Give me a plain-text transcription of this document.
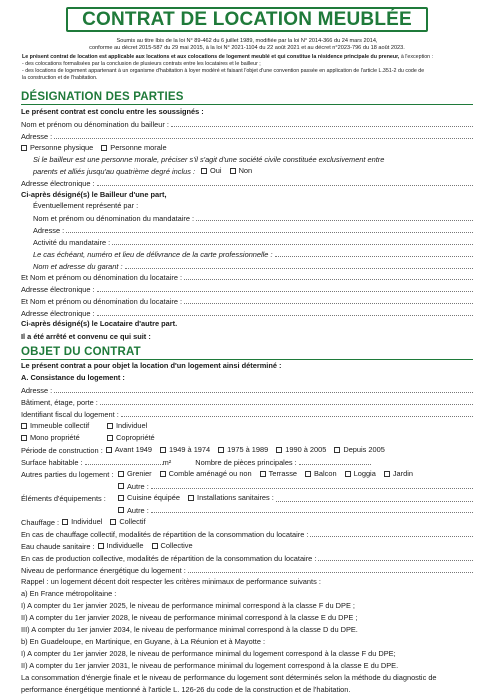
CONTRAT DE LOCATION MEUBLÉE
Soumis au titre Ibis de la loi N° 89-462 du 6 juillet 1989, modifiée par la loi N° 2014-366 du 24 mars 2014,
conforme au décret 2015-587 du 29 mai 2015, à la loi N° 2021-1104 du 22 août 2021 et au décret n°2023-796 du 18 août 2023.
Le présent contrat de location est applicable aux locations et aux colocations de logement meublé et qui constitue la résidence principale du preneur, à l'exception :
- des colocations formalisées par la conclusion de plusieurs contrats entre les locataires et le bailleur ;
- des locations de logement appartenant à un organisme d'habitation à loyer modéré et faisant l'objet d'une convention passée en application de l'article L.351-2 du code de
la construction et de l'habitation.
DÉSIGNATION DES PARTIES
Le présent contrat est conclu entre les soussignés :
Nom et prénom ou dénomination du bailleur :
Adresse :
Personne physique Personne morale
Si le bailleur est une personne morale, préciser s'il s'agit d'une société civile constituée exclusivement entre
parents et alliés jusqu'au quatrième degré inclus : Oui Non
Adresse électronique :
Ci-après désigné(s) le Bailleur d'une part,
Éventuellement représenté par :
Nom et prénom ou dénomination du mandataire :
Adresse :
Activité du mandataire :
Le cas échéant, numéro et lieu de délivrance de la carte professionnelle :
Nom et adresse du garant :
Et Nom et prénom ou dénomination du locataire :
Adresse électronique :
Et Nom et prénom ou dénomination du locataire :
Adresse électronique :
Ci-après désigné(s) le Locataire d'autre part.
Il a été arrêté et convenu ce qui suit :
OBJET DU CONTRAT
Le présent contrat a pour objet la location d'un logement ainsi déterminé :
A. Consistance du logement :
Adresse :
Bâtiment, étage, porte :
Identifiant fiscal du logement :
Immeuble collectif	Individuel
Mono propriété	Copropriété
Période de construction : Avant 1949 1949 à 1974 1975 à 1989 1990 à 2005 Depuis 2005
Surface habitable :	m²	Nombre de pièces principales :
Autres parties du logement :	Grenier Comble aménagé ou non Terrasse Balcon Loggia Jardin
Autre :
Éléments d'équipements :	Cuisine équipée Installations sanitaires :
Autre :
Chauffage : Individuel Collectif
En cas de chauffage collectif, modalités de répartition de la consommation du locataire :
Eau chaude sanitaire : Individuelle Collective
En cas de production collective, modalités de répartition de la consommation du locataire :
Niveau de performance énergétique du logement :
Rappel : un logement décent doit respecter les critères minimaux de performance suivants :
a) En France métropolitaine :
I) A compter du 1er janvier 2025, le niveau de performance minimal correspond à la classe F du DPE ;
II) A compter du 1er janvier 2028, le niveau de performance minimal correspond à la classe E du DPE ;
III) A compter du 1er janvier 2034, le niveau de performance minimal correspond à la classe D du DPE.
b) En Guadeloupe, en Martinique, en Guyane, à La Réunion et à Mayotte :
I) A compter du 1er janvier 2028, le niveau de performance minimal du logement correspond à la classe F du DPE;
II) A compter du 1er janvier 2031, le niveau de performance minimal du logement correspond à la classe E du DPE.
La consommation d'énergie finale et le niveau de performance du logement sont déterminés selon la méthode du diagnostic de
performance énergétique mentionné à l'article L. 126-26 du code de la construction et de l'habitation.
